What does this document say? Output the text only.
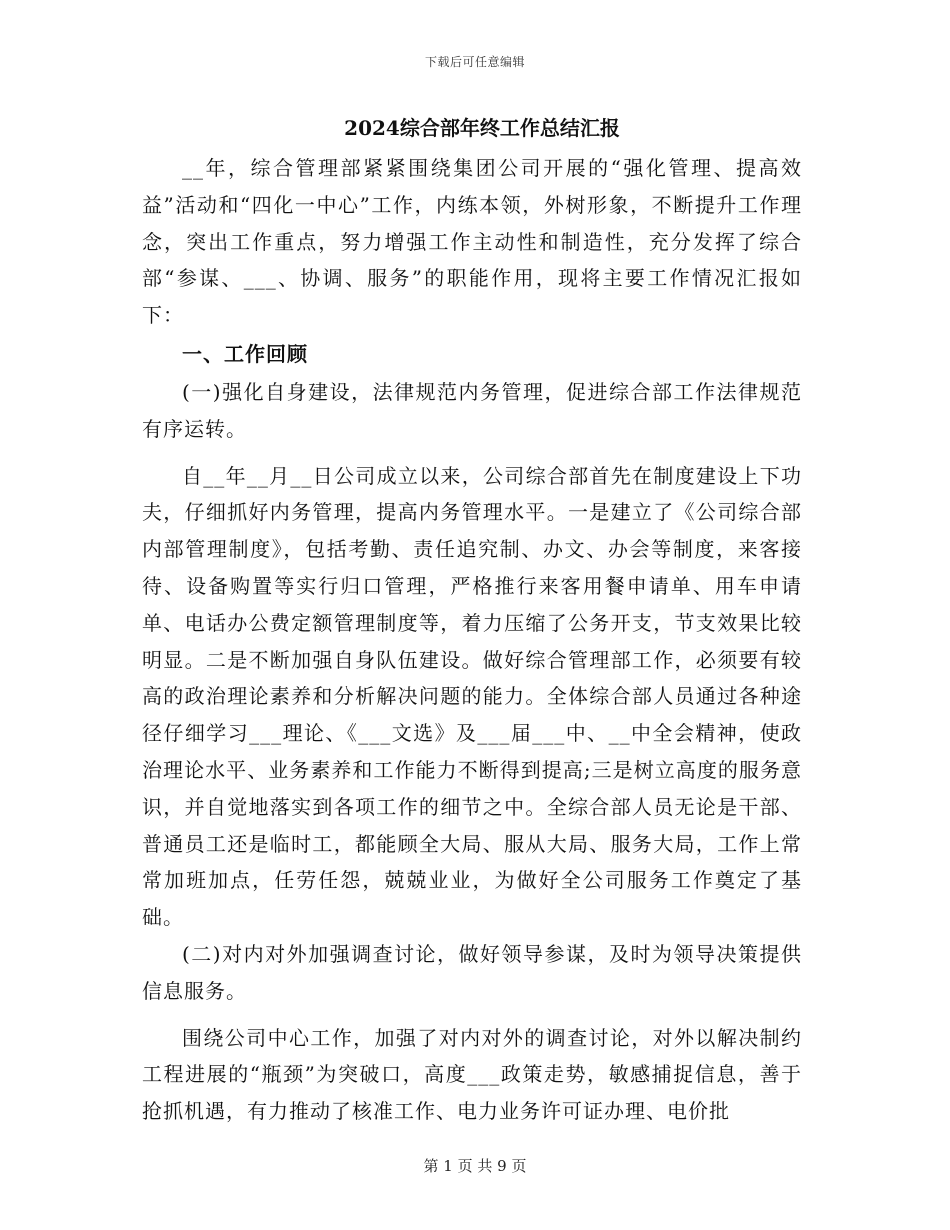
下载后可任意编辑
2024综合部年终工作总结汇报

__年，综合管理部紧紧围绕集团公司开展的“强化管理、提高效益”活动和“四化一中心”工作，内练本领，外树形象，不断提升工作理念，突出工作重点，努力增强工作主动性和制造性，充分发挥了综合部“参谋、___、协调、服务”的职能作用，现将主要工作情况汇报如下：

一、工作回顾

(一)强化自身建设，法律规范内务管理，促进综合部工作法律规范有序运转。

自__年__月__日公司成立以来，公司综合部首先在制度建设上下功夫，仔细抓好内务管理，提高内务管理水平。一是建立了《公司综合部内部管理制度》，包括考勤、责任追究制、办文、办会等制度，来客接待、设备购置等实行归口管理，严格推行来客用餐申请单、用车申请单、电话办公费定额管理制度等，着力压缩了公务开支，节支效果比较明显。二是不断加强自身队伍建设。做好综合管理部工作，必须要有较高的政治理论素养和分析解决问题的能力。全体综合部人员通过各种途径仔细学习___理论、《___文选》及___届___中、__中全会精神，使政治理论水平、业务素养和工作能力不断得到提高;三是树立高度的服务意识，并自觉地落实到各项工作的细节之中。全综合部人员无论是干部、普通员工还是临时工，都能顾全大局、服从大局、服务大局，工作上常常加班加点，任劳任怨，兢兢业业，为做好全公司服务工作奠定了基础。

(二)对内对外加强调查讨论，做好领导参谋，及时为领导决策提供信息服务。

围绕公司中心工作，加强了对内对外的调查讨论，对外以解决制约工程进展的“瓶颈”为突破口，高度___政策走势，敏感捕捉信息，善于抢抓机遇，有力推动了核准工作、电力业务许可证办理、电价批

第 1 页 共 9 页
